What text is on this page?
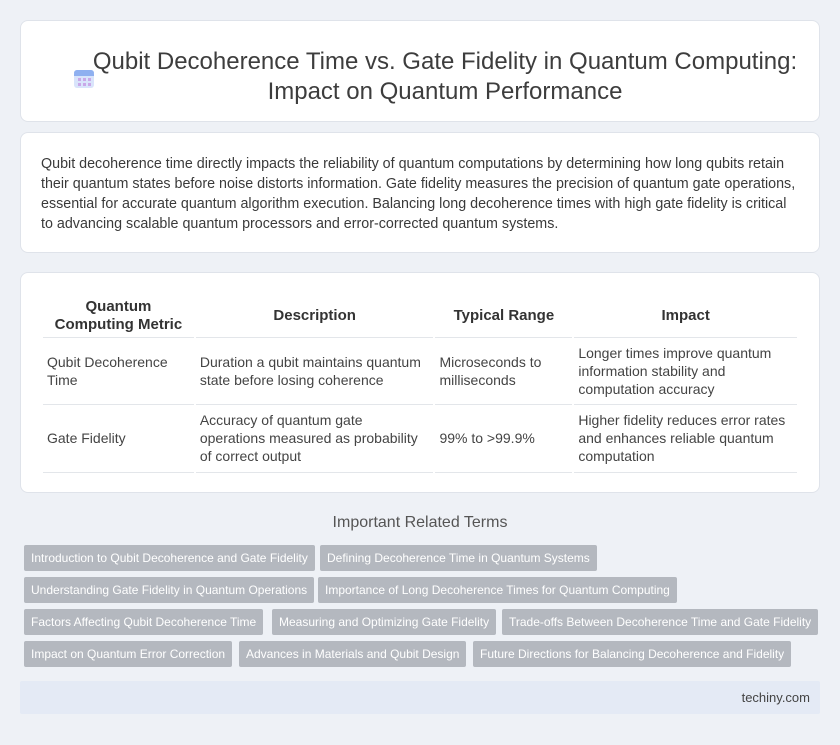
Qubit Decoherence Time vs. Gate Fidelity in Quantum Computing: Impact on Quantum Performance

Qubit decoherence time directly impacts the reliability of quantum computations by determining how long qubits retain their quantum states before noise distorts information. Gate fidelity measures the precision of quantum gate operations, essential for accurate quantum algorithm execution. Balancing long decoherence times with high gate fidelity is critical to advancing scalable quantum processors and error-corrected quantum systems.

Quantum Computing Metric	Description	Typical Range	Impact
Qubit Decoherence Time	Duration a qubit maintains quantum state before losing coherence	Microseconds to milliseconds	Longer times improve quantum information stability and computation accuracy
Gate Fidelity	Accuracy of quantum gate operations measured as probability of correct output	99% to >99.9%	Higher fidelity reduces error rates and enhances reliable quantum computation
Important Related Terms
Introduction to Qubit Decoherence and Gate Fidelity	Defining Decoherence Time in Quantum Systems
Understanding Gate Fidelity in Quantum Operations	Importance of Long Decoherence Times for Quantum Computing
Factors Affecting Qubit Decoherence Time	Measuring and Optimizing Gate Fidelity	Trade-offs Between Decoherence Time and Gate Fidelity
Impact on Quantum Error Correction	Advances in Materials and Qubit Design	Future Directions for Balancing Decoherence and Fidelity
techiny.com
